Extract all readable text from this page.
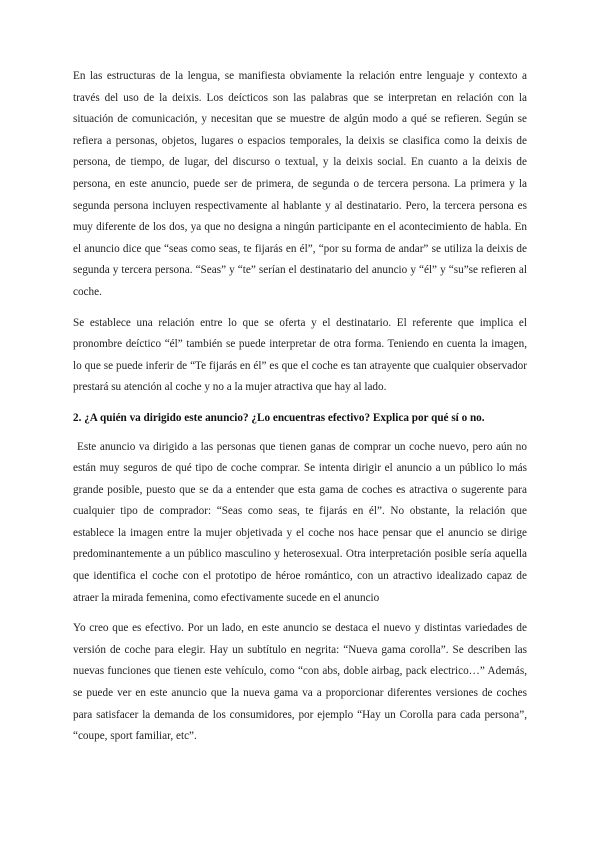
En las estructuras de la lengua, se manifiesta obviamente la relación entre lenguaje y contexto a través del uso de la deixis. Los deícticos son las palabras que se interpretan en relación con la situación de comunicación, y necesitan que se muestre de algún modo a qué se refieren. Según se refiera a personas, objetos, lugares o espacios temporales, la deixis se clasifica como la deixis de persona, de tiempo, de lugar, del discurso o textual, y la deixis social. En cuanto a la deixis de persona, en este anuncio, puede ser de primera, de segunda o de tercera persona. La primera y la segunda persona incluyen respectivamente al hablante y al destinatario. Pero, la tercera persona es muy diferente de los dos, ya que no designa a ningún participante en el acontecimiento de habla. En el anuncio dice que “seas como seas, te fijarás en él”, “por su forma de andar” se utiliza la deixis de segunda y tercera persona. “Seas” y “te” serían el destinatario del anuncio y “él” y “su”se refieren al coche.

Se establece una relación entre lo que se oferta y el destinatario. El referente que implica el pronombre deíctico “él” también se puede interpretar de otra forma. Teniendo en cuenta la imagen, lo que se puede inferir de “Te fijarás en él” es que el coche es tan atrayente que cualquier observador prestará su atención al coche y no a la mujer atractiva que hay al lado.

2. ¿A quién va dirigido este anuncio? ¿Lo encuentras efectivo? Explica por qué sí o no.

Este anuncio va dirigido a las personas que tienen ganas de comprar un coche nuevo, pero aún no están muy seguros de qué tipo de coche comprar. Se intenta dirigir el anuncio a un público lo más grande posible, puesto que se da a entender que esta gama de coches es atractiva o sugerente para cualquier tipo de comprador: “Seas como seas, te fijarás en él”. No obstante, la relación que establece la imagen entre la mujer objetivada y el coche nos hace pensar que el anuncio se dirige predominantemente a un público masculino y heterosexual. Otra interpretación posible sería aquella que identifica el coche con el prototipo de héroe romántico, con un atractivo idealizado capaz de atraer la mirada femenina, como efectivamente sucede en el anuncio

Yo creo que es efectivo. Por un lado, en este anuncio se destaca el nuevo y distintas variedades de versión de coche para elegir. Hay un subtítulo en negrita: “Nueva gama corolla”. Se describen las nuevas funciones que tienen este vehículo, como “con abs, doble airbag, pack electrico…” Además, se puede ver en este anuncio que la nueva gama va a proporcionar diferentes versiones de coches para satisfacer la demanda de los consumidores, por ejemplo “Hay un Corolla para cada persona”, “coupe, sport familiar, etc”.
